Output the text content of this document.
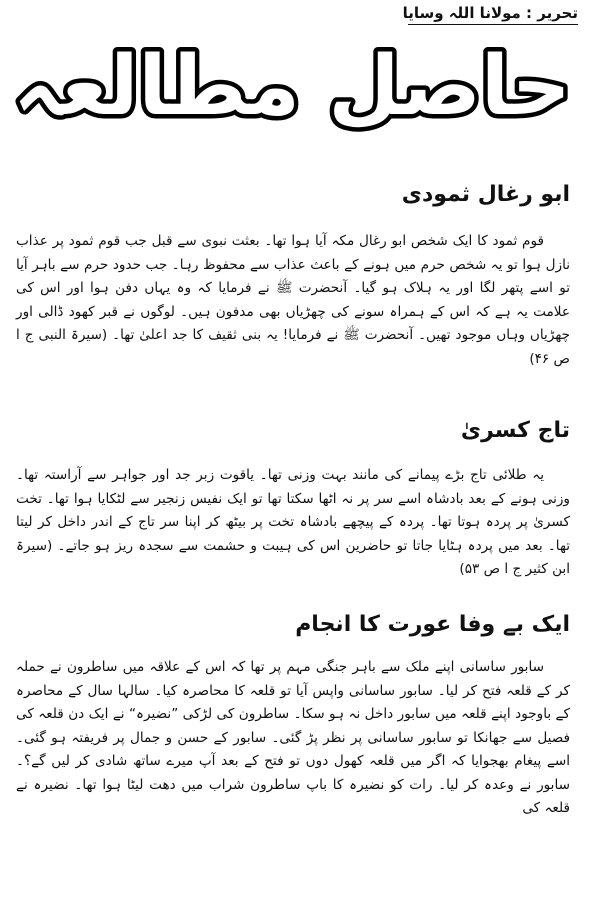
تحریر : مولانا اللہ وسایا
حاصل مطالعہ
ابو رغال ثمودی
قوم ثمود کا ایک شخص ابو رغال مکہ آیا ہوا تھا۔ بعثت نبوی سے قبل جب قوم ثمود پر عذاب نازل ہوا تو یہ شخص حرم میں ہونے کے باعث عذاب سے محفوظ رہا۔ جب حدود حرم سے باہر آیا تو اسے پتھر لگا اور یہ ہلاک ہو گیا۔ آنحضرت ﷺ نے فرمایا کہ وہ یہاں دفن ہوا اور اس کی علامت یہ ہے کہ اس کے ہمراہ سونے کی چھڑیاں بھی مدفون ہیں۔ لوگوں نے قبر کھود ڈالی اور چھڑیاں وہاں موجود تھیں۔ آنحضرت ﷺ نے فرمایا! یہ بنی ثقیف کا جد اعلیٰ تھا۔ (سیرۃ النبی ج ا ص ۴۶)
تاج کسریٰ
یہ طلائی تاج بڑے پیمانے کی مانند بہت وزنی تھا۔ یاقوت زبر جد اور جواہر سے آراستہ تھا۔ وزنی ہونے کے بعد بادشاہ اسے سر پر نہ اٹھا سکتا تھا تو ایک نفیس زنجیر سے لٹکایا ہوا تھا۔ تخت کسریٰ پر پردہ ہوتا تھا۔ پردہ کے پیچھے بادشاہ تخت پر بیٹھ کر اپنا سر تاج کے اندر داخل کر لیتا تھا۔ بعد میں پردہ ہٹایا جاتا تو حاضرین اس کی ہیبت و حشمت سے سجدہ ریز ہو جاتے۔ (سیرۃ ابن کثیر ج ا ص ۵۳)
ایک بے وفا عورت کا انجام
سابور ساسانی اپنے ملک سے باہر جنگی مہم پر تھا کہ اس کے علاقہ میں ساطرون نے حملہ کر کے قلعہ فتح کر لیا۔ سابور ساسانی واپس آیا تو قلعہ کا محاصرہ کیا۔ سالہا سال کے محاصرہ کے باوجود اپنے قلعہ میں سابور داخل نہ ہو سکا۔ ساطرون کی لڑکی ”نضیرہ“ نے ایک دن قلعہ کی فصیل سے جھانکا تو سابور ساسانی پر نظر پڑ گئی۔ سابور کے حسن و جمال پر فریفتہ ہو گئی۔ اسے پیغام بھجوایا کہ اگر میں قلعہ کھول دوں تو فتح کے بعد آپ میرے ساتھ شادی کر لیں گے؟۔ سابور نے وعدہ کر لیا۔ رات کو نضیرہ کا باپ ساطرون شراب میں دھت لیٹا ہوا تھا۔ نضیرہ نے قلعہ کی
